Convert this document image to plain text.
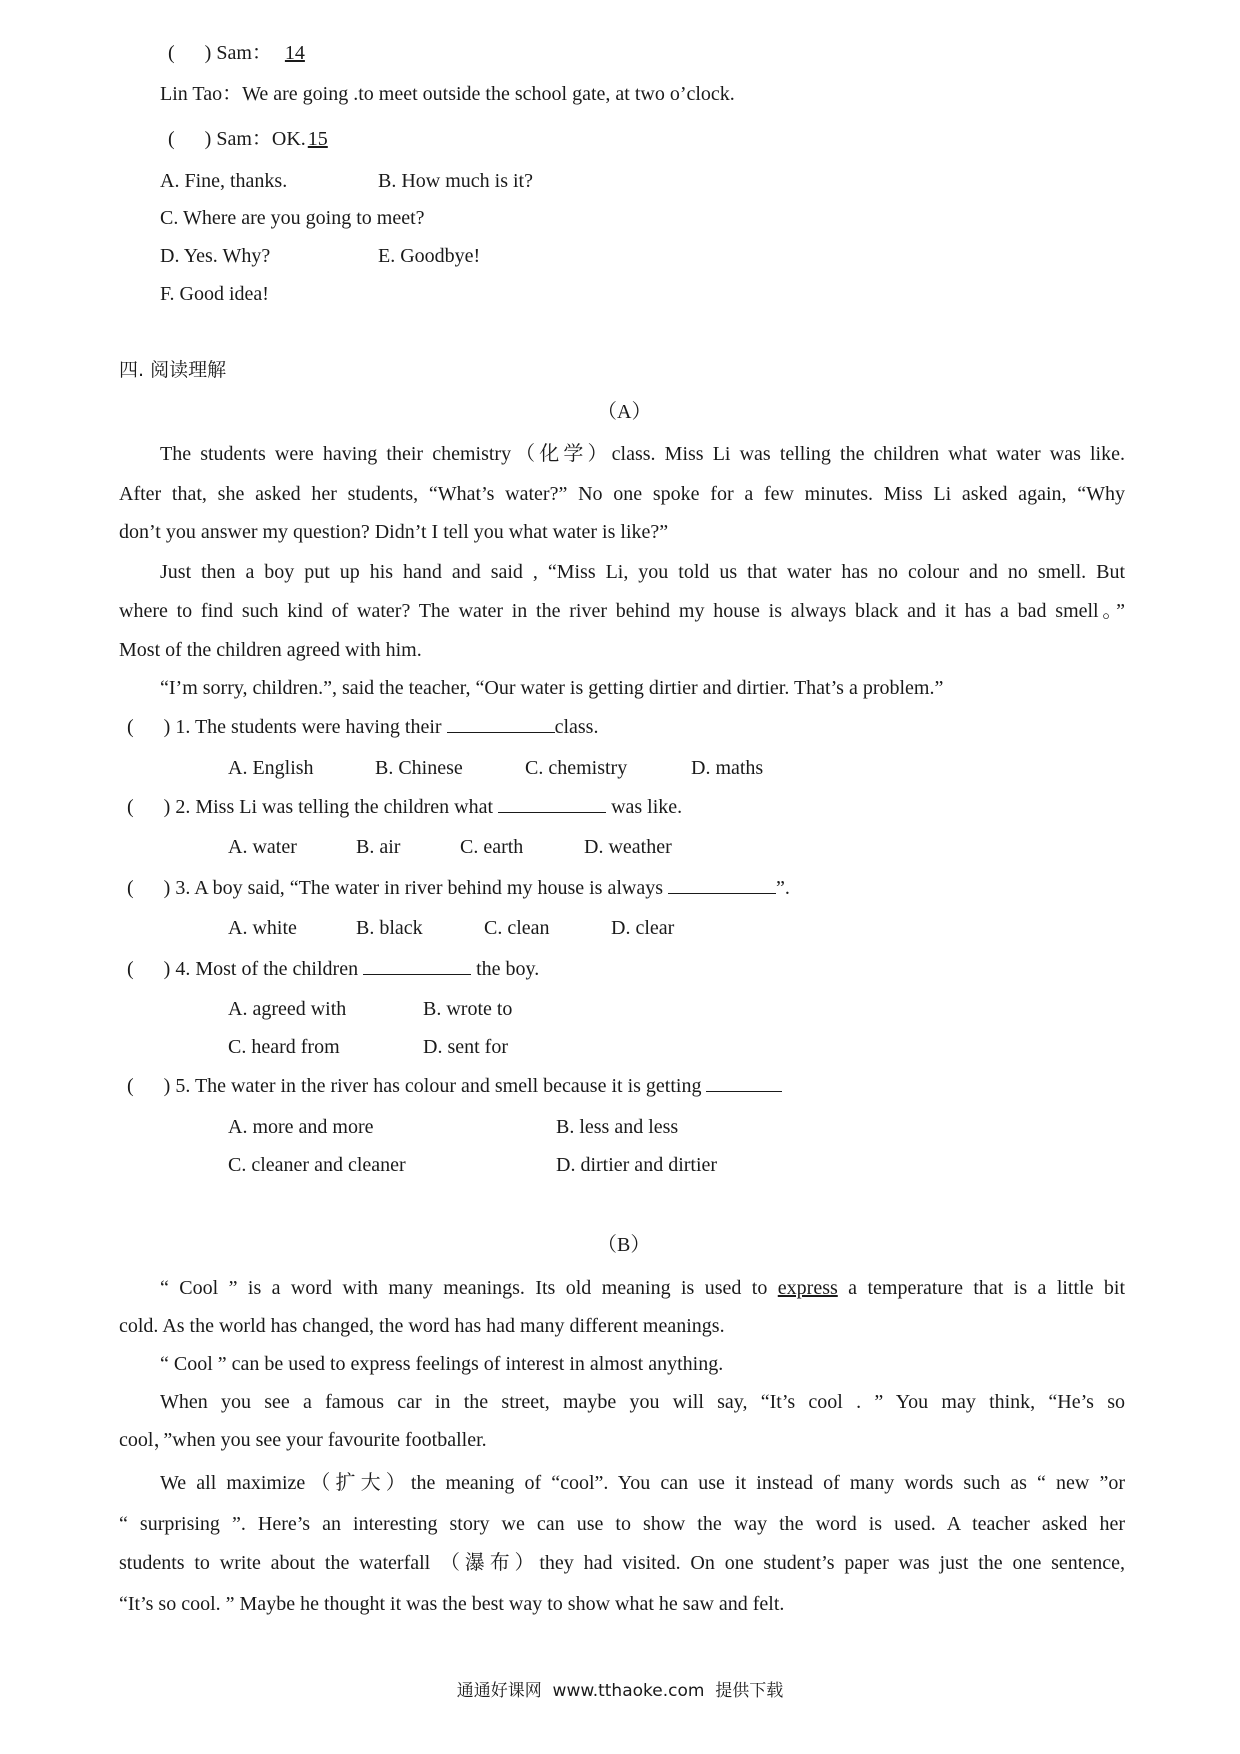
(      ) Sam： 14
Lin Tao：We are going .to meet outside the school gate, at two o’clock.
(      ) Sam：OK. 15
A. Fine, thanks.	B. How much is it?
C. Where are you going to meet?
D. Yes. Why?	E. Goodbye!
F. Good idea!
四. 阅读理解
（A）
The students were having their chemistry（化学）class. Miss Li was telling the children what water was like.
After that, she asked her students, “What’s water?” No one spoke for a few minutes. Miss Li asked again, “Why
don’t you answer my question? Didn’t I tell you what water is like?”
Just then a boy put up his hand and said , “Miss Li, you told us that water has no colour and no smell. But
where to find such kind of water? The water in the river behind my house is always black and it has a bad smell。”
Most of the children agreed with him.
“I’m sorry, children.”, said the teacher, “Our water is getting dirtier and dirtier. That’s a problem.”
(      ) 1. The students were having their	class.
A. English	B. Chinese	C. chemistry	D. maths
(      ) 2. Miss Li was telling the children what	was like.
A. water	B. air	C. earth	D. weather
(      ) 3. A boy said, “The water in river behind my house is always	”.
A. white	B. black	C. clean	D. clear
(      ) 4. Most of the children	the boy.
A. agreed with	B. wrote to
C. heard from	D. sent for
(      ) 5. The water in the river has colour and smell because it is getting
A. more and more	B. less and less
C. cleaner and cleaner	D. dirtier and dirtier
（B）
“ Cool ” is a word with many meanings. Its old meaning is used to express a temperature that is a little bit
cold. As the world has changed, the word has had many different meanings.
“ Cool ” can be used to express feelings of interest in almost anything.
When you see a famous car in the street, maybe you will say, “It’s cool . ” You may think, “He’s so
cool，”when you see your favourite footballer.
We all maximize（扩大）the meaning of “cool”. You can use it instead of many words such as “ new ”or
“ surprising ”. Here’s an interesting story we can use to show the way the word is used. A teacher asked her
students to write about the waterfall （瀑布）they had visited. On one student’s paper was just the one sentence,
“It’s so cool. ” Maybe he thought it was the best way to show what he saw and felt.
通通好课网  www.tthaoke.com  提供下载
